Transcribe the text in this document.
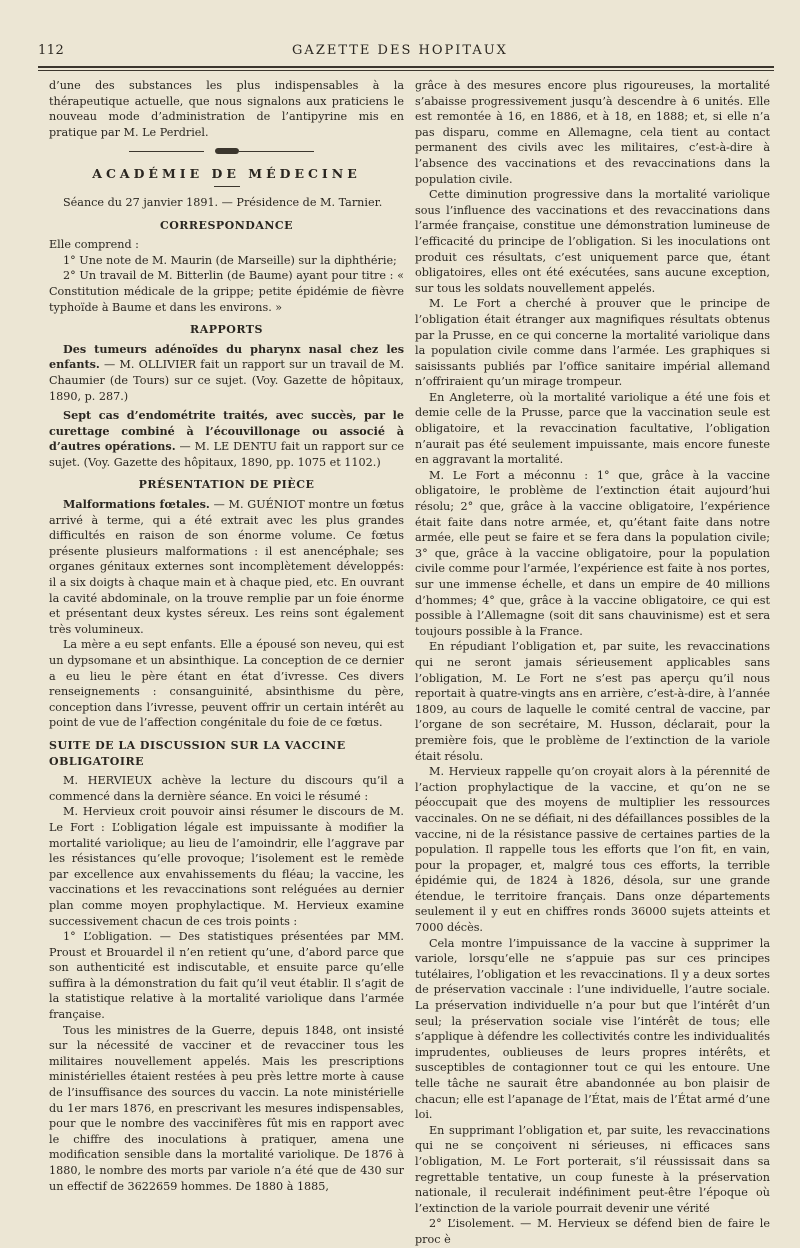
112	GAZETTE DES HOPITAUX

d’une des substances les plus indispensables à la thérapeutique actuelle, que nous signalons aux praticiens le nouveau mode d’administration de l’antipyrine mis en pratique par M. Le Perdriel.

ACADÉMIE DE MÉDECINE

Séance du 27 janvier 1891. — Présidence de M. Tarnier.

CORRESPONDANCE

Elle comprend :

1° Une note de M. Maurin (de Marseille) sur la diphthérie;

2° Un travail de M. Bitterlin (de Baume) ayant pour titre : « Constitution médicale de la grippe; petite épidémie de fièvre typhoïde à Baume et dans les environs. »

RAPPORTS

Des tumeurs adénoïdes du pharynx nasal chez les enfants. — M. OLLIVIER fait un rapport sur un travail de M. Chaumier (de Tours) sur ce sujet. (Voy. Gazette de hôpitaux, 1890, p. 287.)

Sept cas d’endométrite traités, avec succès, par le curettage combiné à l’écouvillonage ou associé à d’autres opérations. — M. LE DENTU fait un rapport sur ce sujet. (Voy. Gazette des hôpitaux, 1890, pp. 1075 et 1102.)

PRÉSENTATION DE PIÈCE

Malformations fœtales. — M. GUÉNIOT montre un fœtus arrivé à terme, qui a été extrait avec les plus grandes difficultés en raison de son énorme volume. Ce fœtus présente plusieurs malformations : il est anencéphale; ses organes génitaux externes sont incomplètement développés: il a six doigts à chaque main et à chaque pied, etc. En ouvrant la cavité abdominale, on la trouve remplie par un foie énorme et présentant deux kystes séreux. Les reins sont également très volumineux.

La mère a eu sept enfants. Elle a épousé son neveu, qui est un dypsomane et un absinthique. La conception de ce dernier a eu lieu le père étant en état d’ivresse. Ces divers renseignements : consanguinité, absinthisme du père, conception dans l’ivresse, peuvent offrir un certain intérêt au point de vue de l’affection congénitale du foie de ce fœtus.

SUITE DE LA DISCUSSION SUR LA VACCINE OBLIGATOIRE

M. HERVIEUX achève la lecture du discours qu’il a commencé dans la dernière séance. En voici le résumé :

M. Hervieux croit pouvoir ainsi résumer le discours de M. Le Fort : L’obligation légale est impuissante à modifier la mortalité variolique; au lieu de l’amoindrir, elle l’aggrave par les résistances qu’elle provoque; l’isolement est le remède par excellence aux envahissements du fléau; la vaccine, les vaccinations et les revaccinations sont reléguées au dernier plan comme moyen prophylactique. M. Hervieux examine successivement chacun de ces trois points :

1° L’obligation. — Des statistiques présentées par MM. Proust et Brouardel il n’en retient qu’une, d’abord parce que son authenticité est indiscutable, et ensuite parce qu’elle suffira à la démonstration du fait qu’il veut établir. Il s’agit de la statistique relative à la mortalité variolique dans l’armée française.

Tous les ministres de la Guerre, depuis 1848, ont insisté sur la nécessité de vacciner et de revacciner tous les militaires nouvellement appelés. Mais les prescriptions ministérielles étaient restées à peu près lettre morte à cause de l’insuffisance des sources du vaccin. La note ministérielle du 1er mars 1876, en prescrivant les mesures indispensables, pour que le nombre des vaccinifères fût mis en rapport avec le chiffre des inoculations à pratiquer, amena une modification sensible dans la mortalité variolique. De 1876 à 1880, le nombre des morts par variole n’a été que de 430 sur un effectif de 3622659 hommes. De 1880 à 1885,

grâce à des mesures encore plus rigoureuses, la mortalité s’abaisse progressivement jusqu’à descendre à 6 unités. Elle est remontée à 16, en 1886, et à 18, en 1888; et, si elle n’a pas disparu, comme en Allemagne, cela tient au contact permanent des civils avec les militaires, c’est-à-dire à l’absence des vaccinations et des revaccinations dans la population civile.

Cette diminution progressive dans la mortalité variolique sous l’influence des vaccinations et des revaccinations dans l’armée française, constitue une démonstration lumineuse de l’efficacité du principe de l’obligation. Si les inoculations ont produit ces résultats, c’est uniquement parce que, étant obligatoires, elles ont été exécutées, sans aucune exception, sur tous les soldats nouvellement appelés.

M. Le Fort a cherché à prouver que le principe de l’obligation était étranger aux magnifiques résultats obtenus par la Prusse, en ce qui concerne la mortalité variolique dans la population civile comme dans l’armée. Les graphiques si saisissants publiés par l’office sanitaire impérial allemand n’offriraient qu’un mirage trompeur.

En Angleterre, où la mortalité variolique a été une fois et demie celle de la Prusse, parce que la vaccination seule est obligatoire, et la revaccination facultative, l’obligation n’aurait pas été seulement impuissante, mais encore funeste en aggravant la mortalité.

M. Le Fort a méconnu : 1° que, grâce à la vaccine obligatoire, le problème de l’extinction était aujourd’hui résolu; 2° que, grâce à la vaccine obligatoire, l’expérience était faite dans notre armée, et, qu’étant faite dans notre armée, elle peut se faire et se fera dans la population civile; 3° que, grâce à la vaccine obligatoire, pour la population civile comme pour l’armée, l’expérience est faite à nos portes, sur une immense échelle, et dans un empire de 40 millions d’hommes; 4° que, grâce à la vaccine obligatoire, ce qui est possible à l’Allemagne (soit dit sans chauvinisme) est et sera toujours possible à la France.

En répudiant l’obligation et, par suite, les revaccinations qui ne seront jamais sérieusement applicables sans l’obligation, M. Le Fort ne s’est pas aperçu qu’il nous reportait à quatre-vingts ans en arrière, c’est-à-dire, à l’année 1809, au cours de laquelle le comité central de vaccine, par l’organe de son secrétaire, M. Husson, déclarait, pour la première fois, que le problème de l’extinction de la variole était résolu.

M. Hervieux rappelle qu’on croyait alors à la pérennité de l’action prophylactique de la vaccine, et qu’on ne se péoccupait que des moyens de multiplier les ressources vaccinales. On ne se défiait, ni des défaillances possibles de la vaccine, ni de la résistance passive de certaines parties de la population. Il rappelle tous les efforts que l’on fit, en vain, pour la propager, et, malgré tous ces efforts, la terrible épidémie qui, de 1824 à 1826, désola, sur une grande étendue, le territoire français. Dans onze départements seulement il y eut en chiffres ronds 36000 sujets atteints et 7000 décès.

Cela montre l’impuissance de la vaccine à supprimer la variole, lorsqu’elle ne s’appuie pas sur ces principes tutélaires, l’obligation et les revaccinations. Il y a deux sortes de préservation vaccinale : l’une individuelle, l’autre sociale. La préservation individuelle n’a pour but que l’intérêt d’un seul; la préservation sociale vise l’intérêt de tous; elle s’applique à défendre les collectivités contre les individualités imprudentes, oublieuses de leurs propres intérêts, et susceptibles de contagionner tout ce qui les entoure. Une telle tâche ne saurait être abandonnée au bon plaisir de chacun; elle est l’apanage de l’État, mais de l’État armé d’une loi.

En supprimant l’obligation et, par suite, les revaccinations qui ne se conçoivent ni sérieuses, ni efficaces sans l’obligation, M. Le Fort porterait, s’il réussissait dans sa regrettable tentative, un coup funeste à la préservation nationale, il reculerait indéfiniment peut-être l’époque où l’extinction de la variole pourrait devenir une vérité

2° L’isolement. — M. Hervieux se défend bien de faire le proc è
